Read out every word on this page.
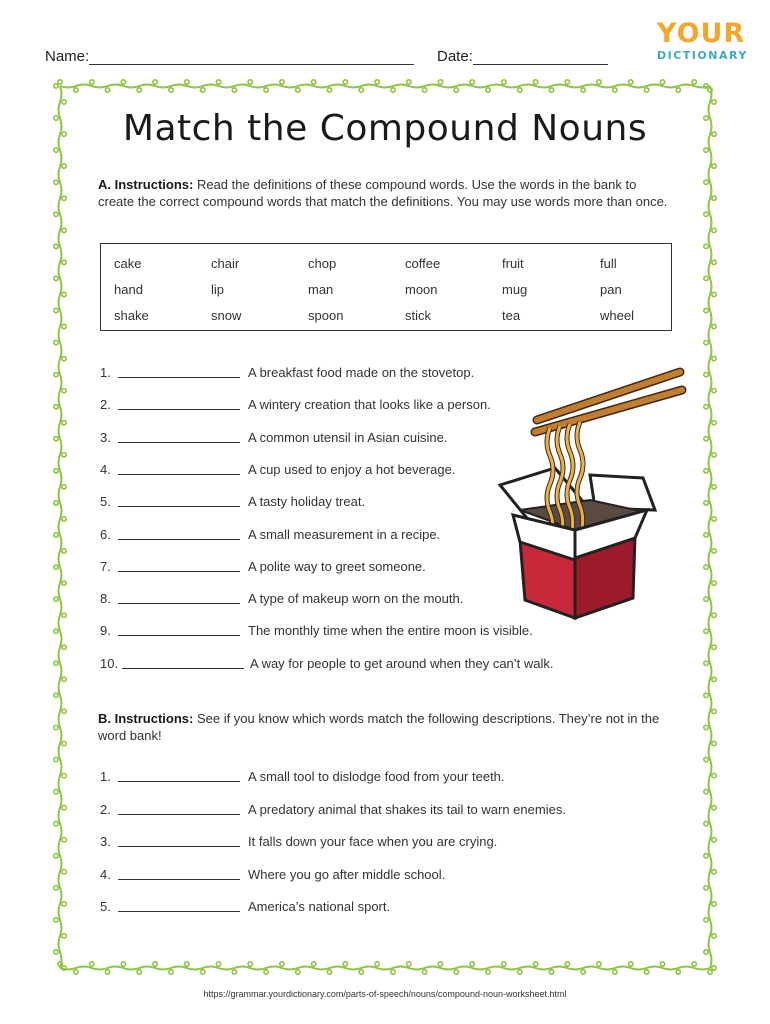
Name:	Date:
YOUR
DICTIONARY
Match the Compound Nouns
A. Instructions: Read the definitions of these compound words. Use the words in the bank to create the correct compound words that match the definitions. You may use words more than once.
cake	chair	chop	coffee	fruit	full
hand	lip	man	moon	mug	pan
shake	snow	spoon	stick	tea	wheel
1.	A breakfast food made on the stovetop.
2.	A wintery creation that looks like a person.
3.	A common utensil in Asian cuisine.
4.	A cup used to enjoy a hot beverage.
5.	A tasty holiday treat.
6.	A small measurement in a recipe.
7.	A polite way to greet someone.
8.	A type of makeup worn on the mouth.
9.	The monthly time when the entire moon is visible.
10.	A way for people to get around when they can’t walk.
B. Instructions: See if you know which words match the following descriptions. They’re not in the word bank!
1.	A small tool to dislodge food from your teeth.
2.	A predatory animal that shakes its tail to warn enemies.
3.	It falls down your face when you are crying.
4.	Where you go after middle school.
5.	America’s national sport.
https://grammar.yourdictionary.com/parts-of-speech/nouns/compound-noun-worksheet.html
